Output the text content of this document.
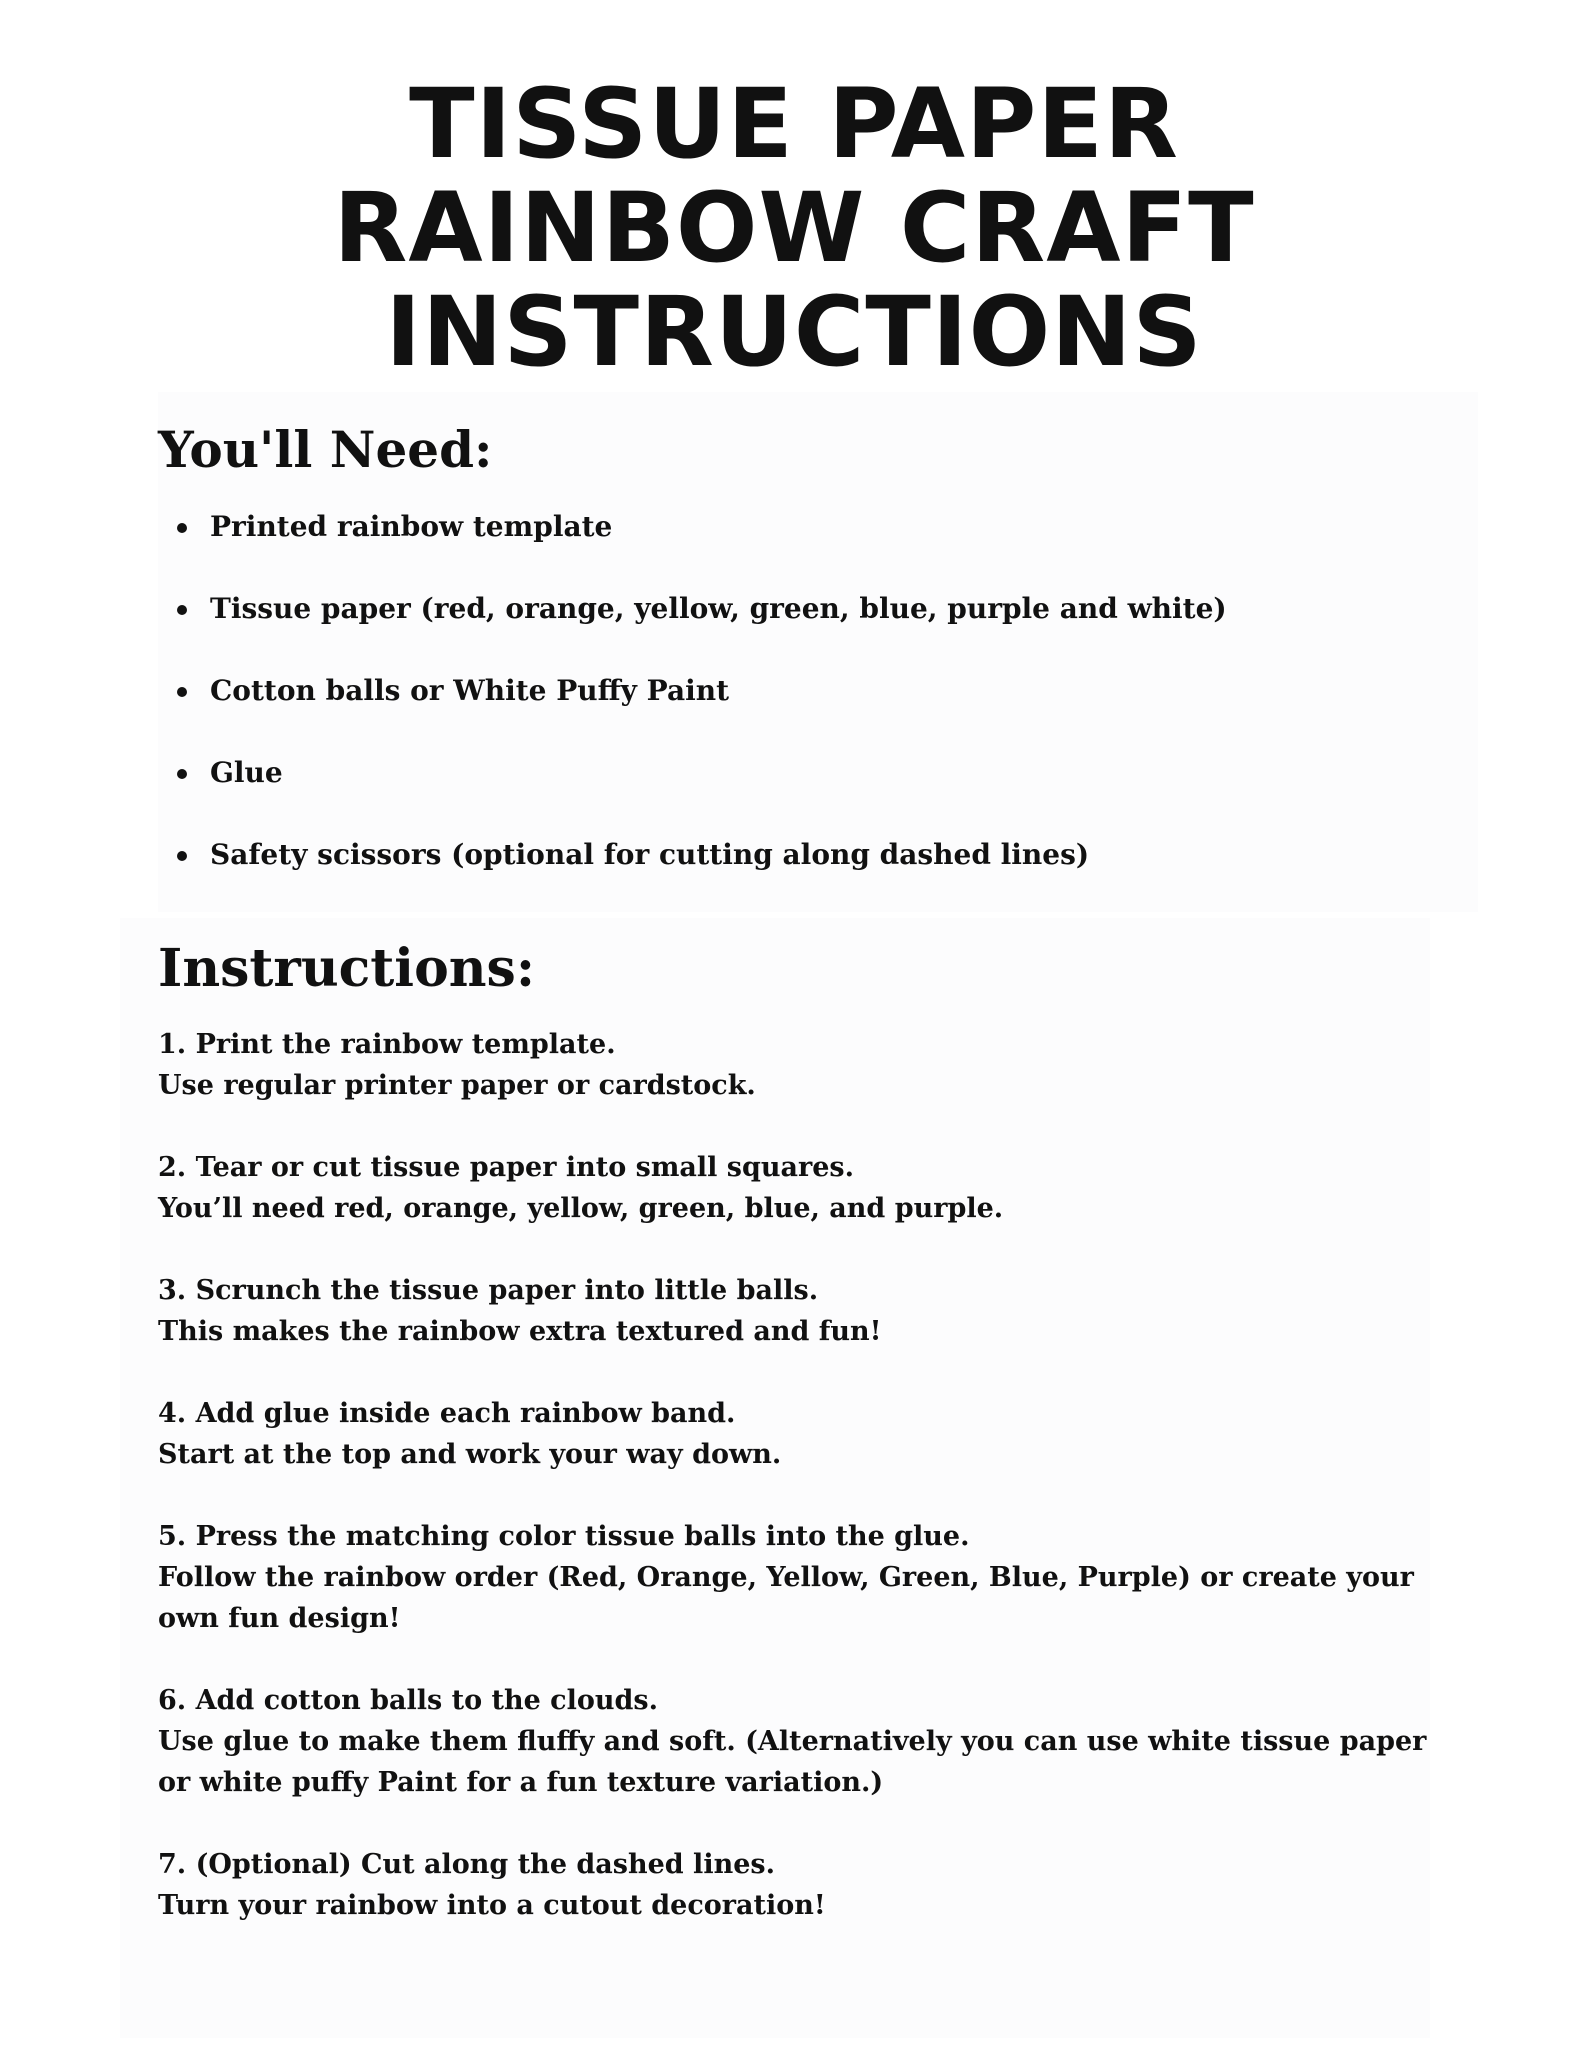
TISSUE PAPER
RAINBOW CRAFT
INSTRUCTIONS
You'll Need:
Printed rainbow template
Tissue paper (red, orange, yellow, green, blue, purple and white)
Cotton balls or White Puffy Paint
Glue
Safety scissors (optional for cutting along dashed lines)
Instructions:
1. Print the rainbow template.
Use regular printer paper or cardstock.
2. Tear or cut tissue paper into small squares.
You’ll need red, orange, yellow, green, blue, and purple.
3. Scrunch the tissue paper into little balls.
This makes the rainbow extra textured and fun!
4. Add glue inside each rainbow band.
Start at the top and work your way down.
5. Press the matching color tissue balls into the glue.
Follow the rainbow order (Red, Orange, Yellow, Green, Blue, Purple) or create your own fun design!
6. Add cotton balls to the clouds.
Use glue to make them fluffy and soft. (Alternatively you can use white tissue paper or white puffy Paint for a fun texture variation.)
7. (Optional) Cut along the dashed lines.
Turn your rainbow into a cutout decoration!
